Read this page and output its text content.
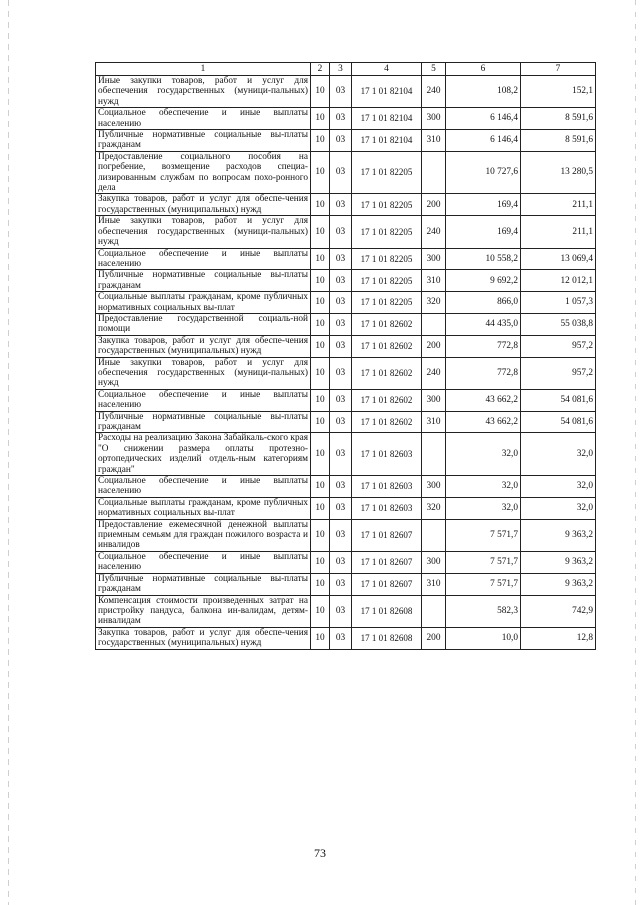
1	2	3	4	5	6	7
Иные закупки товаров, работ и услуг для обеспечения государственных (муници-пальных) нужд	10	03	17 1 01 82104	240	108,2	152,1
Социальное обеспечение и иные выплаты населению	10	03	17 1 01 82104	300	6 146,4	8 591,6
Публичные нормативные социальные вы-платы гражданам	10	03	17 1 01 82104	310	6 146,4	8 591,6
Предоставление социального пособия на погребение, возмещение расходов специа-лизированным службам по вопросам похо-ронного дела	10	03	17 1 01 82205		10 727,6	13 280,5
Закупка товаров, работ и услуг для обеспе-чения государственных (муниципальных) нужд	10	03	17 1 01 82205	200	169,4	211,1
Иные закупки товаров, работ и услуг для обеспечения государственных (муници-пальных) нужд	10	03	17 1 01 82205	240	169,4	211,1
Социальное обеспечение и иные выплаты населению	10	03	17 1 01 82205	300	10 558,2	13 069,4
Публичные нормативные социальные вы-платы гражданам	10	03	17 1 01 82205	310	9 692,2	12 012,1
Социальные выплаты гражданам, кроме публичных нормативных социальных вы-плат	10	03	17 1 01 82205	320	866,0	1 057,3
Предоставление государственной социаль-ной помощи	10	03	17 1 01 82602		44 435,0	55 038,8
Закупка товаров, работ и услуг для обеспе-чения государственных (муниципальных) нужд	10	03	17 1 01 82602	200	772,8	957,2
Иные закупки товаров, работ и услуг для обеспечения государственных (муници-пальных) нужд	10	03	17 1 01 82602	240	772,8	957,2
Социальное обеспечение и иные выплаты населению	10	03	17 1 01 82602	300	43 662,2	54 081,6
Публичные нормативные социальные вы-платы гражданам	10	03	17 1 01 82602	310	43 662,2	54 081,6
Расходы на реализацию Закона Забайкаль-ского края "О снижении размера оплаты протезно-ортопедических изделий отдель-ным категориям граждан"	10	03	17 1 01 82603		32,0	32,0
Социальное обеспечение и иные выплаты населению	10	03	17 1 01 82603	300	32,0	32,0
Социальные выплаты гражданам, кроме публичных нормативных социальных вы-плат	10	03	17 1 01 82603	320	32,0	32,0
Предоставление ежемесячной денежной выплаты приемным семьям для граждан пожилого возраста и инвалидов	10	03	17 1 01 82607		7 571,7	9 363,2
Социальное обеспечение и иные выплаты населению	10	03	17 1 01 82607	300	7 571,7	9 363,2
Публичные нормативные социальные вы-платы гражданам	10	03	17 1 01 82607	310	7 571,7	9 363,2
Компенсация стоимости произведенных затрат на пристройку пандуса, балкона ин-валидам, детям-инвалидам	10	03	17 1 01 82608		582,3	742,9
Закупка товаров, работ и услуг для обеспе-чения государственных (муниципальных) нужд	10	03	17 1 01 82608	200	10,0	12,8
73
